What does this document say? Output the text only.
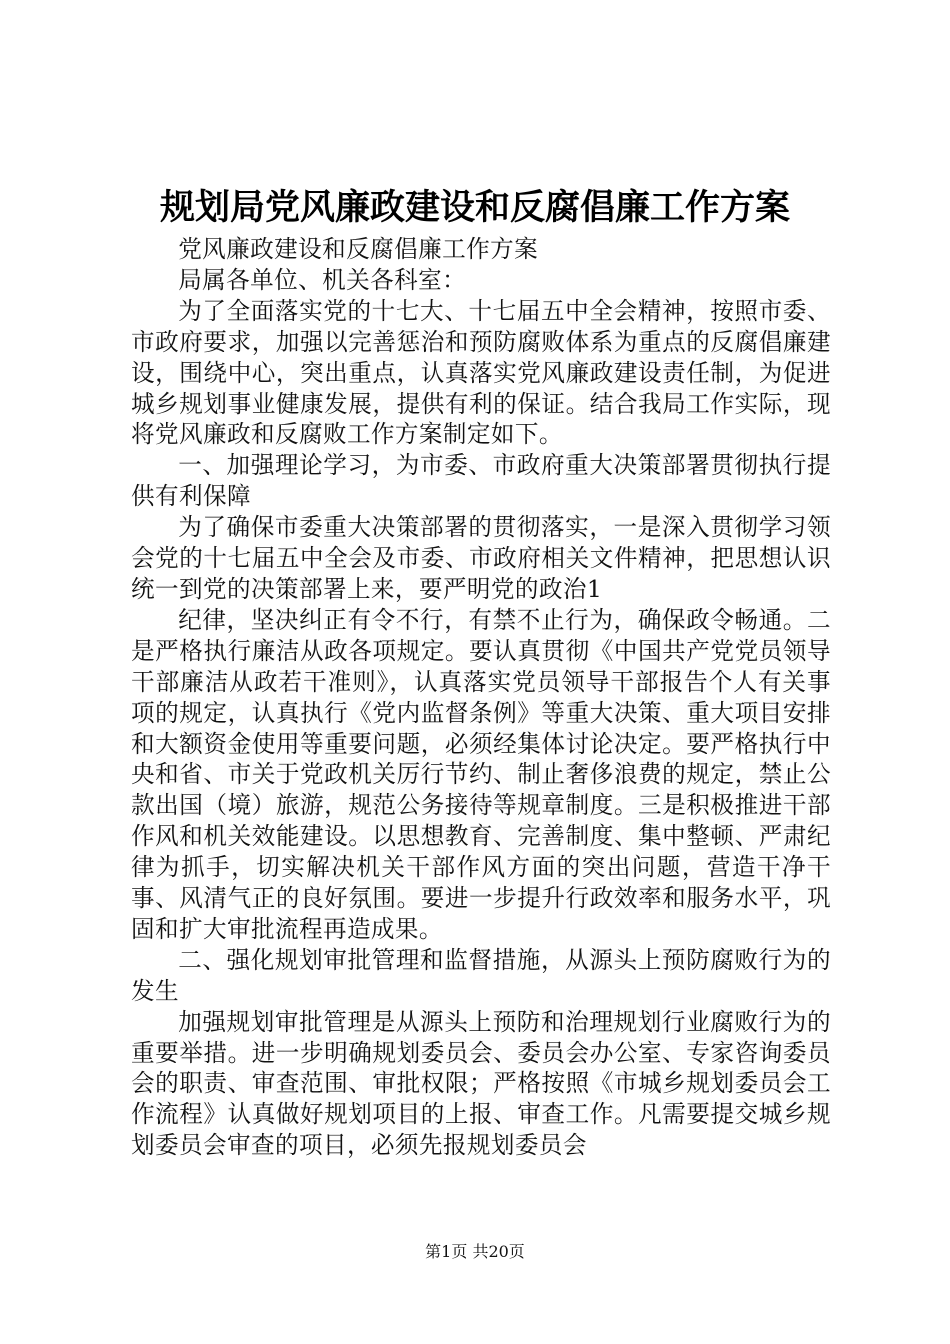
规划局党风廉政建设和反腐倡廉工作方案

党风廉政建设和反腐倡廉工作方案

局属各单位、机关各科室：

为了全面落实党的十七大、十七届五中全会精神，按照市委、市政府要求，加强以完善惩治和预防腐败体系为重点的反腐倡廉建设，围绕中心，突出重点，认真落实党风廉政建设责任制，为促进城乡规划事业健康发展，提供有利的保证。结合我局工作实际，现将党风廉政和反腐败工作方案制定如下。

一、加强理论学习，为市委、市政府重大决策部署贯彻执行提供有利保障

为了确保市委重大决策部署的贯彻落实，一是深入贯彻学习领会党的十七届五中全会及市委、市政府相关文件精神，把思想认识统一到党的决策部署上来，要严明党的政治1

纪律，坚决纠正有令不行，有禁不止行为，确保政令畅通。二是严格执行廉洁从政各项规定。要认真贯彻《中国共产党党员领导干部廉洁从政若干准则》，认真落实党员领导干部报告个人有关事项的规定，认真执行《党内监督条例》等重大决策、重大项目安排和大额资金使用等重要问题，必须经集体讨论决定。要严格执行中央和省、市关于党政机关厉行节约、制止奢侈浪费的规定，禁止公款出国（境）旅游，规范公务接待等规章制度。三是积极推进干部作风和机关效能建设。以思想教育、完善制度、集中整顿、严肃纪律为抓手，切实解决机关干部作风方面的突出问题，营造干净干事、风清气正的良好氛围。要进一步提升行政效率和服务水平，巩固和扩大审批流程再造成果。

二、强化规划审批管理和监督措施，从源头上预防腐败行为的发生

加强规划审批管理是从源头上预防和治理规划行业腐败行为的重要举措。进一步明确规划委员会、委员会办公室、专家咨询委员会的职责、审查范围、审批权限；严格按照《市城乡规划委员会工作流程》认真做好规划项目的上报、审查工作。凡需要提交城乡规划委员会审查的项目，必须先报规划委员会

第1页 共20页
